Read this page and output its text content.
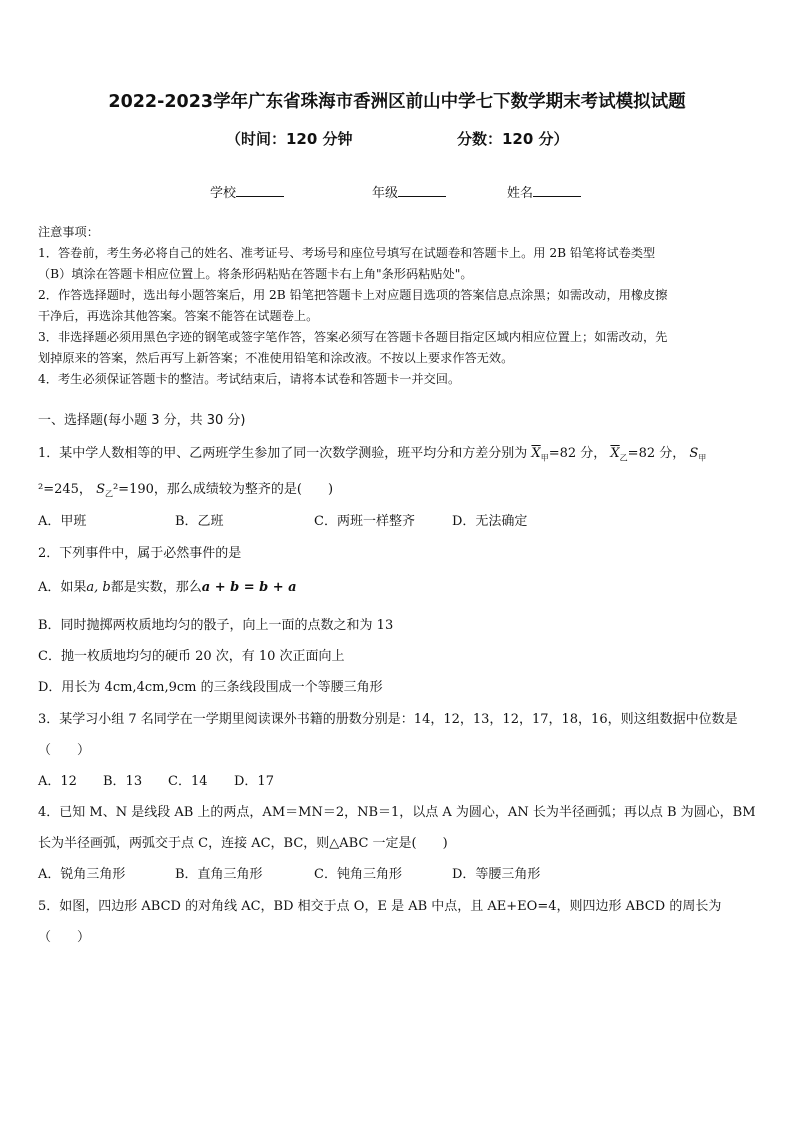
2022-2023学年广东省珠海市香洲区前山中学七下数学期末考试模拟试题
（时间：120 分钟	分数：120 分）
学校	年级	姓名

注意事项：

1．答卷前，考生务必将自己的姓名、准考证号、考场号和座位号填写在试题卷和答题卡上。用 2B 铅笔将试卷类型

（B）填涂在答题卡相应位置上。将条形码粘贴在答题卡右上角"条形码粘贴处"。

2．作答选择题时，选出每小题答案后，用 2B 铅笔把答题卡上对应题目选项的答案信息点涂黑；如需改动，用橡皮擦

干净后，再选涂其他答案。答案不能答在试题卷上。

3．非选择题必须用黑色字迹的钢笔或签字笔作答，答案必须写在答题卡各题目指定区域内相应位置上；如需改动，先

划掉原来的答案，然后再写上新答案；不准使用铅笔和涂改液。不按以上要求作答无效。

4．考生必须保证答题卡的整洁。考试结束后，请将本试卷和答题卡一并交回。

一、选择题(每小题 3 分，共 30 分)
1．某中学人数相等的甲、乙两班学生参加了同一次数学测验，班平均分和方差分别为 $\overline{X}_甲=82$ 分， $\overline{X}_乙=82$ 分， $S_甲$
²=245， $S_乙^2=190$，那么成绩较为整齐的是(　　)
A．甲班	B．乙班	C．两班一样整齐	D．无法确定
2．下列事件中，属于必然事件的是
A．如果a, b都是实数，那么a + b = b + a
B．同时抛掷两枚质地均匀的骰子，向上一面的点数之和为 13
C．抛一枚质地均匀的硬币 20 次，有 10 次正面向上
D．用长为 4cm,4cm,9cm 的三条线段围成一个等腰三角形
3．某学习小组 7 名同学在一学期里阅读课外书籍的册数分别是：14，12，13，12，17，18，16，则这组数据中位数是
（　　）
A．12 B．13 C．14 D．17
4．已知 M、N 是线段 AB 上的两点，AM＝MN＝2，NB＝1，以点 A 为圆心，AN 长为半径画弧；再以点 B 为圆心，BM
长为半径画弧，两弧交于点 C，连接 AC，BC，则△ABC 一定是(　　)
A．锐角三角形	B．直角三角形	C．钝角三角形	D．等腰三角形
5．如图，四边形 ABCD 的对角线 AC，BD 相交于点 O，E 是 AB 中点，且 AE+EO=4，则四边形 ABCD 的周长为
（　　）
